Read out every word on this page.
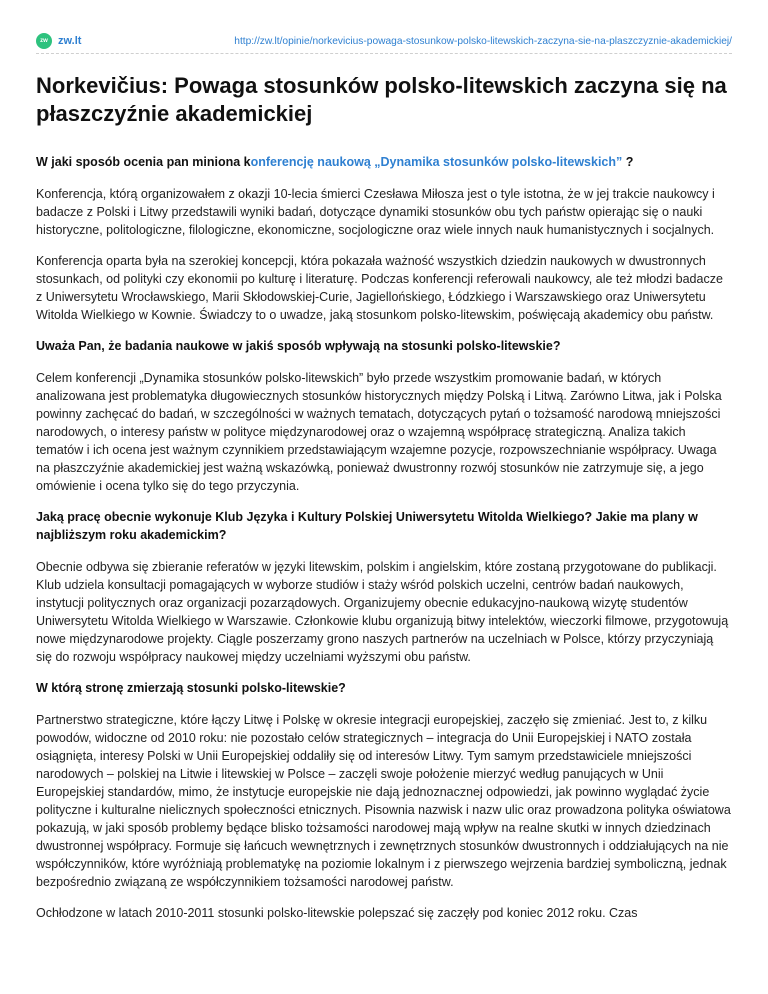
zw zw.lt	http://zw.lt/opinie/norkevicius-powaga-stosunkow-polsko-litewskich-zaczyna-sie-na-plaszczyznie-akademickiej/
Norkevičius: Powaga stosunków polsko-litewskich zaczyna się na płaszczyźnie akademickiej
W jaki sposób ocenia pan miniona konferencję naukową „Dynamika stosunków polsko-litewskich” ?

Konferencja, którą organizowałem z okazji 10-lecia śmierci Czesława Miłosza jest o tyle istotna, że w jej trakcie naukowcy i badacze z Polski i Litwy przedstawili wyniki badań, dotyczące dynamiki stosunków obu tych państw opierając się o nauki historyczne, politologiczne, filologiczne, ekonomiczne, socjologiczne oraz wiele innych nauk humanistycznych i socjalnych.

Konferencja oparta była na szerokiej koncepcji, która pokazała ważność wszystkich dziedzin naukowych w dwustronnych stosunkach, od polityki czy ekonomii po kulturę i literaturę. Podczas konferencji referowali naukowcy, ale też młodzi badacze z Uniwersytetu Wrocławskiego, Marii Skłodowskiej-Curie, Jagiellońskiego, Łódzkiego i Warszawskiego oraz Uniwersytetu Witolda Wielkiego w Kownie. Świadczy to o uwadze, jaką stosunkom polsko-litewskim, poświęcają akademicy obu państw.

Uważa Pan, że badania naukowe w jakiś sposób wpływają na stosunki polsko-litewskie?

Celem konferencji „Dynamika stosunków polsko-litewskich” było przede wszystkim promowanie badań, w których analizowana jest problematyka długowiecznych stosunków historycznych między Polską i Litwą. Zarówno Litwa, jak i Polska powinny zachęcać do badań, w szczególności w ważnych tematach, dotyczących pytań o tożsamość narodową mniejszości narodowych, o interesy państw w polityce międzynarodowej oraz o wzajemną współpracę strategiczną. Analiza takich tematów i ich ocena jest ważnym czynnikiem przedstawiającym wzajemne pozycje, rozpowszechnianie współpracy. Uwaga na płaszczyźnie akademickiej jest ważną wskazówką, ponieważ dwustronny rozwój stosunków nie zatrzymuje się, a jego omówienie i ocena tylko się do tego przyczynia.

Jaką pracę obecnie wykonuje Klub Języka i Kultury Polskiej Uniwersytetu Witolda Wielkiego? Jakie ma plany w najbliższym roku akademickim?

Obecnie odbywa się zbieranie referatów w języki litewskim, polskim i angielskim, które zostaną przygotowane do publikacji. Klub udziela konsultacji pomagających w wyborze studiów i staży wśród polskich uczelni, centrów badań naukowych, instytucji politycznych oraz organizacji pozarządowych. Organizujemy obecnie edukacyjno-naukową wizytę studentów Uniwersytetu Witolda Wielkiego w Warszawie. Członkowie klubu organizują bitwy intelektów, wieczorki filmowe, przygotowują nowe międzynarodowe projekty. Ciągle poszerzamy grono naszych partnerów na uczelniach w Polsce, którzy przyczyniają się do rozwoju współpracy naukowej między uczelniami wyższymi obu państw.

W którą stronę zmierzają stosunki polsko-litewskie?

Partnerstwo strategiczne, które łączy Litwę i Polskę w okresie integracji europejskiej, zaczęło się zmieniać. Jest to, z kilku powodów, widoczne od 2010 roku: nie pozostało celów strategicznych – integracja do Unii Europejskiej i NATO została osiągnięta, interesy Polski w Unii Europejskiej oddaliły się od interesów Litwy. Tym samym przedstawiciele mniejszości narodowych – polskiej na Litwie i litewskiej w Polsce – zaczęli swoje położenie mierzyć według panujących w Unii Europejskiej standardów, mimo, że instytucje europejskie nie dają jednoznacznej odpowiedzi, jak powinno wyglądać życie polityczne i kulturalne nielicznych społeczności etnicznych. Pisownia nazwisk i nazw ulic oraz prowadzona polityka oświatowa pokazują, w jaki sposób problemy będące blisko tożsamości narodowej mają wpływ na realne skutki w innych dziedzinach dwustronnej współpracy. Formuje się łańcuch wewnętrznych i zewnętrznych stosunków dwustronnych i oddziałujących na nie współczynników, które wyróżniają problematykę na poziomie lokalnym i z pierwszego wejrzenia bardziej symboliczną, jednak bezpośrednio związaną ze współczynnikiem tożsamości narodowej państw.

Ochłodzone w latach 2010-2011 stosunki polsko-litewskie polepszać się zaczęły pod koniec 2012 roku. Czas
